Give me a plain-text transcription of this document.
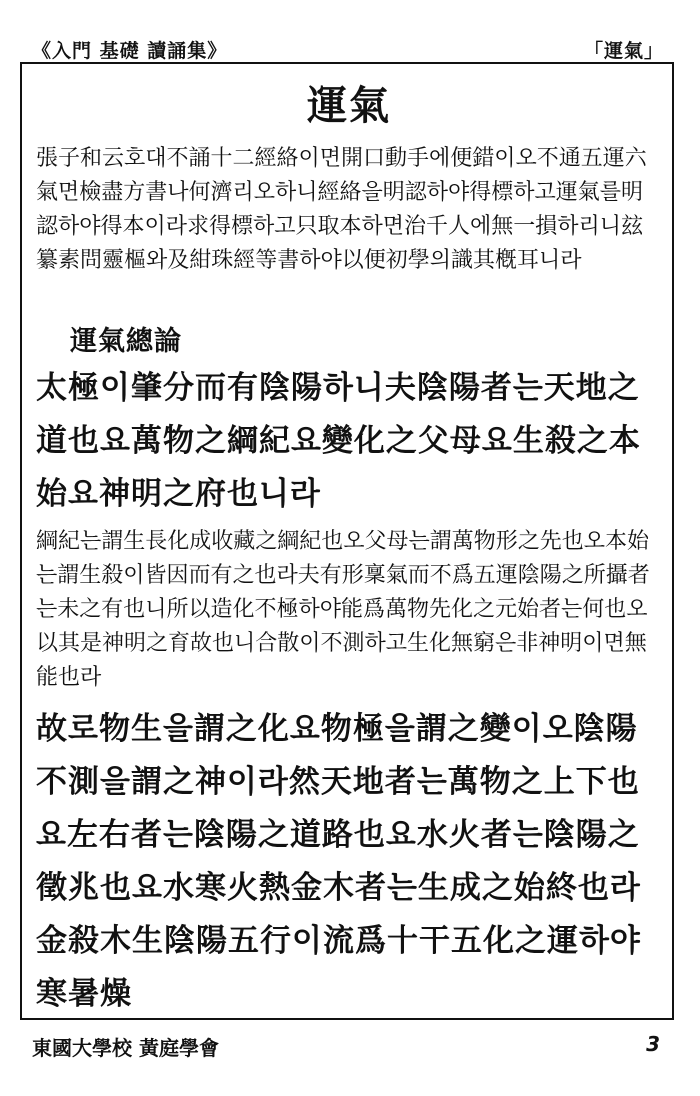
《入門 基礎 讀誦集》	「運氣」
運氣
張子和云호대不誦十二經絡이면開口動手에便錯이오不通五運六氣면檢盡方書나何濟리오하니經絡을明認하야得標하고運氣를明認하야得本이라求得標하고只取本하면治千人에無一損하리니玆纂素問靈樞와及紺珠經等書하야以便初學의識其槪耳니라
運氣總論
太極이肇分而有陰陽하니夫陰陽者는天地之道也요萬物之綱紀요變化之父母요生殺之本始요神明之府也니라
綱紀는謂生長化成收藏之綱紀也오父母는謂萬物形之先也오本始는謂生殺이皆因而有之也라夫有形稟氣而不爲五運陰陽之所攝者는未之有也니所以造化不極하야能爲萬物先化之元始者는何也오以其是神明之育故也니合散이不測하고生化無窮은非神明이면無能也라
故로物生을謂之化요物極을謂之變이오陰陽不測을謂之神이라然天地者는萬物之上下也요左右者는陰陽之道路也요水火者는陰陽之徵兆也요水寒火熱金木者는生成之始終也라金殺木生陰陽五行이流爲十干五化之運하야寒暑燥
東國大學校 黃庭學會	3
